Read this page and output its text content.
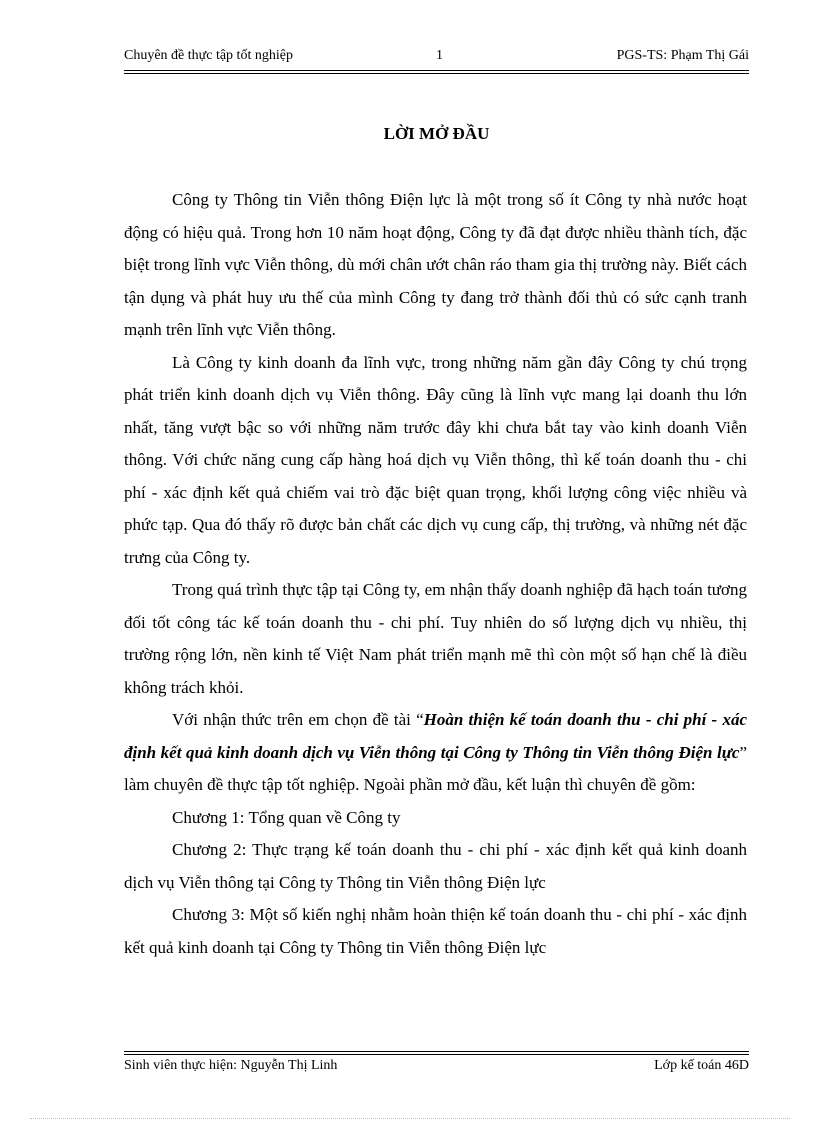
Chuyên đề thực tập tốt nghiệp	1	PGS-TS: Phạm Thị Gái
LỜI MỞ ĐẦU

Công ty Thông tin Viễn thông Điện lực là một trong số ít Công ty nhà nước hoạt động có hiệu quả. Trong hơn 10 năm hoạt động, Công ty đã đạt được nhiều thành tích, đặc biệt trong lĩnh vực Viễn thông, dù mới chân ướt chân ráo tham gia thị trường này. Biết cách tận dụng và phát huy ưu thế của mình Công ty đang trở thành đối thủ có sức cạnh tranh mạnh trên lĩnh vực Viễn thông.

Là Công ty kinh doanh đa lĩnh vực, trong những năm gần đây Công ty chú trọng phát triển kinh doanh dịch vụ Viễn thông. Đây cũng là lĩnh vực mang lại doanh thu lớn nhất, tăng vượt bậc so với những năm trước đây khi chưa bắt tay vào kinh doanh Viễn thông. Với chức năng cung cấp hàng hoá dịch vụ Viễn thông, thì kế toán doanh thu - chi phí - xác định kết quả chiếm vai trò đặc biệt quan trọng, khối lượng công việc nhiều và phức tạp. Qua đó thấy rõ được bản chất các dịch vụ cung cấp, thị trường, và những nét đặc trưng của Công ty.

Trong quá trình thực tập tại Công ty, em nhận thấy doanh nghiệp đã hạch toán tương đối tốt công tác kế toán doanh thu - chi phí. Tuy nhiên do số lượng dịch vụ nhiều, thị trường rộng lớn, nền kinh tế Việt Nam phát triển mạnh mẽ thì còn một số hạn chế là điều không trách khỏi.

Với nhận thức trên em chọn đề tài “Hoàn thiện kế toán doanh thu - chi phí - xác định kết quả kinh doanh dịch vụ Viễn thông tại Công ty Thông tin Viễn thông Điện lực” làm chuyên đề thực tập tốt nghiệp. Ngoài phần mở đầu, kết luận thì chuyên đề gồm:

Chương 1: Tổng quan về Công ty

Chương 2: Thực trạng kế toán doanh thu - chi phí - xác định kết quả kinh doanh dịch vụ Viễn thông tại Công ty Thông tin Viễn thông Điện lực

Chương 3: Một số kiến nghị nhằm hoàn thiện kế toán doanh thu - chi phí - xác định kết quả kinh doanh tại Công ty Thông tin Viễn thông Điện lực

Sinh viên thực hiện: Nguyễn Thị Linh	Lớp kế toán 46D
